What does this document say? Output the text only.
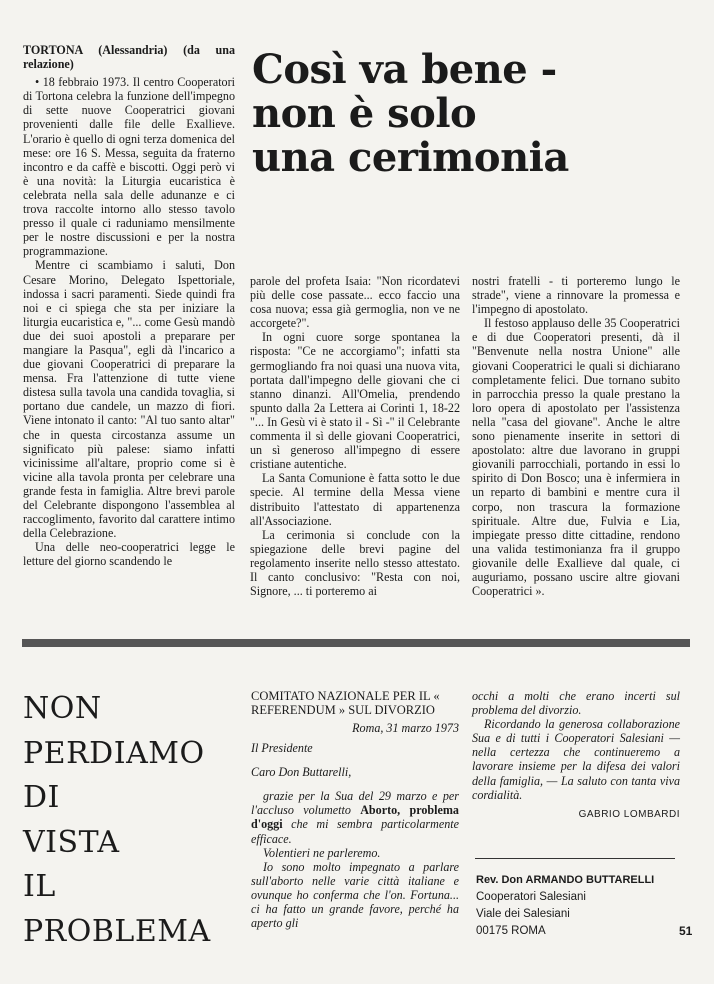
TORTONA (Alessandria) (da una relazione)

• 18 febbraio 1973. Il centro Cooperatori di Tortona celebra la funzione dell'impegno di sette nuove Cooperatrici giovani provenienti dalle file delle Exallieve. L'orario è quello di ogni terza domenica del mese: ore 16 S. Messa, seguita da fraterno incontro e da caffè e biscotti. Oggi però vi è una novità: la Liturgia eucaristica è celebrata nella sala delle adunanze e ci trova raccolte intorno allo stesso tavolo presso il quale ci raduniamo mensilmente per le nostre discussioni e per la nostra programmazione.

Mentre ci scambiamo i saluti, Don Cesare Morino, Delegato Ispettoriale, indossa i sacri paramenti. Siede quindi fra noi e ci spiega che sta per iniziare la liturgia eucaristica e, "... come Gesù mandò due dei suoi apostoli a preparare per mangiare la Pasqua", egli dà l'incarico a due giovani Cooperatrici di preparare la mensa. Fra l'attenzione di tutte viene distesa sulla tavola una candida tovaglia, si portano due candele, un mazzo di fiori. Viene intonato il canto: "Al tuo santo altar" che in questa circostanza assume un significato più palese: siamo infatti vicinissime all'altare, proprio come si è vicine alla tavola pronta per celebrare una grande festa in famiglia. Altre brevi parole del Celebrante dispongono l'assemblea al raccoglimento, favorito dal carattere intimo della Celebrazione.

Una delle neo-cooperatrici legge le letture del giorno scandendo le

Così va bene -
non è solo
una cerimonia

parole del profeta Isaia: "Non ricordatevi più delle cose passate... ecco faccio una cosa nuova; essa già germoglia, non ve ne accorgete?".

In ogni cuore sorge spontanea la risposta: "Ce ne accorgiamo"; infatti sta germogliando fra noi quasi una nuova vita, portata dall'impegno delle giovani che ci stanno dinanzi. All'Omelia, prendendo spunto dalla 2a Lettera ai Corinti 1, 18-22 "... In Gesù vi è stato il - Sì -" il Celebrante commenta il sì delle giovani Cooperatrici, un sì generoso all'impegno di essere cristiane autentiche.

La Santa Comunione è fatta sotto le due specie. Al termine della Messa viene distribuito l'attestato di appartenenza all'Associazione.

La cerimonia si conclude con la spiegazione delle brevi pagine del regolamento inserite nello stesso attestato. Il canto conclusivo: "Resta con noi, Signore, ... ti porteremo ai

nostri fratelli - ti porteremo lungo le strade", viene a rinnovare la promessa e l'impegno di apostolato.

Il festoso applauso delle 35 Cooperatrici e di due Cooperatori presenti, dà il "Benvenute nella nostra Unione" alle giovani Cooperatrici le quali si dichiarano completamente felici. Due tornano subito in parrocchia presso la quale prestano la loro opera di apostolato per l'assistenza nella "casa del giovane". Anche le altre sono pienamente inserite in settori di apostolato: altre due lavorano in gruppi giovanili parrocchiali, portando in essi lo spirito di Don Bosco; una è infermiera in un reparto di bambini e mentre cura il corpo, non trascura la formazione spirituale. Altre due, Fulvia e Lia, impiegate presso ditte cittadine, rendono una valida testimonianza fra il gruppo giovanile delle Exallieve dal quale, ci auguriamo, possano uscire altre giovani Cooperatrici ».

NON
PERDIAMO
DI
VISTA
IL
PROBLEMA
COMITATO NAZIONALE PER IL « REFERENDUM » SUL DIVORZIO
Roma, 31 marzo 1973
Il Presidente
Caro Don Buttarelli,

grazie per la Sua del 29 marzo e per l'accluso volumetto Aborto, problema d'oggi che mi sembra particolarmente efficace.

Volentieri ne parleremo.

Io sono molto impegnato a parlare sull'aborto nelle varie città italiane e ovunque ho conferma che l'on. Fortuna... ci ha fatto un grande favore, perché ha aperto gli

occhi a molti che erano incerti sul problema del divorzio.

Ricordando la generosa collaborazione Sua e di tutti i Cooperatori Salesiani — nella certezza che continueremo a lavorare insieme per la difesa dei valori della famiglia, — La saluto con tanta viva cordialità.

GABRIO LOMBARDI
Rev. Don ARMANDO BUTTARELLI
Cooperatori Salesiani
Viale dei Salesiani
00175 ROMA	51
